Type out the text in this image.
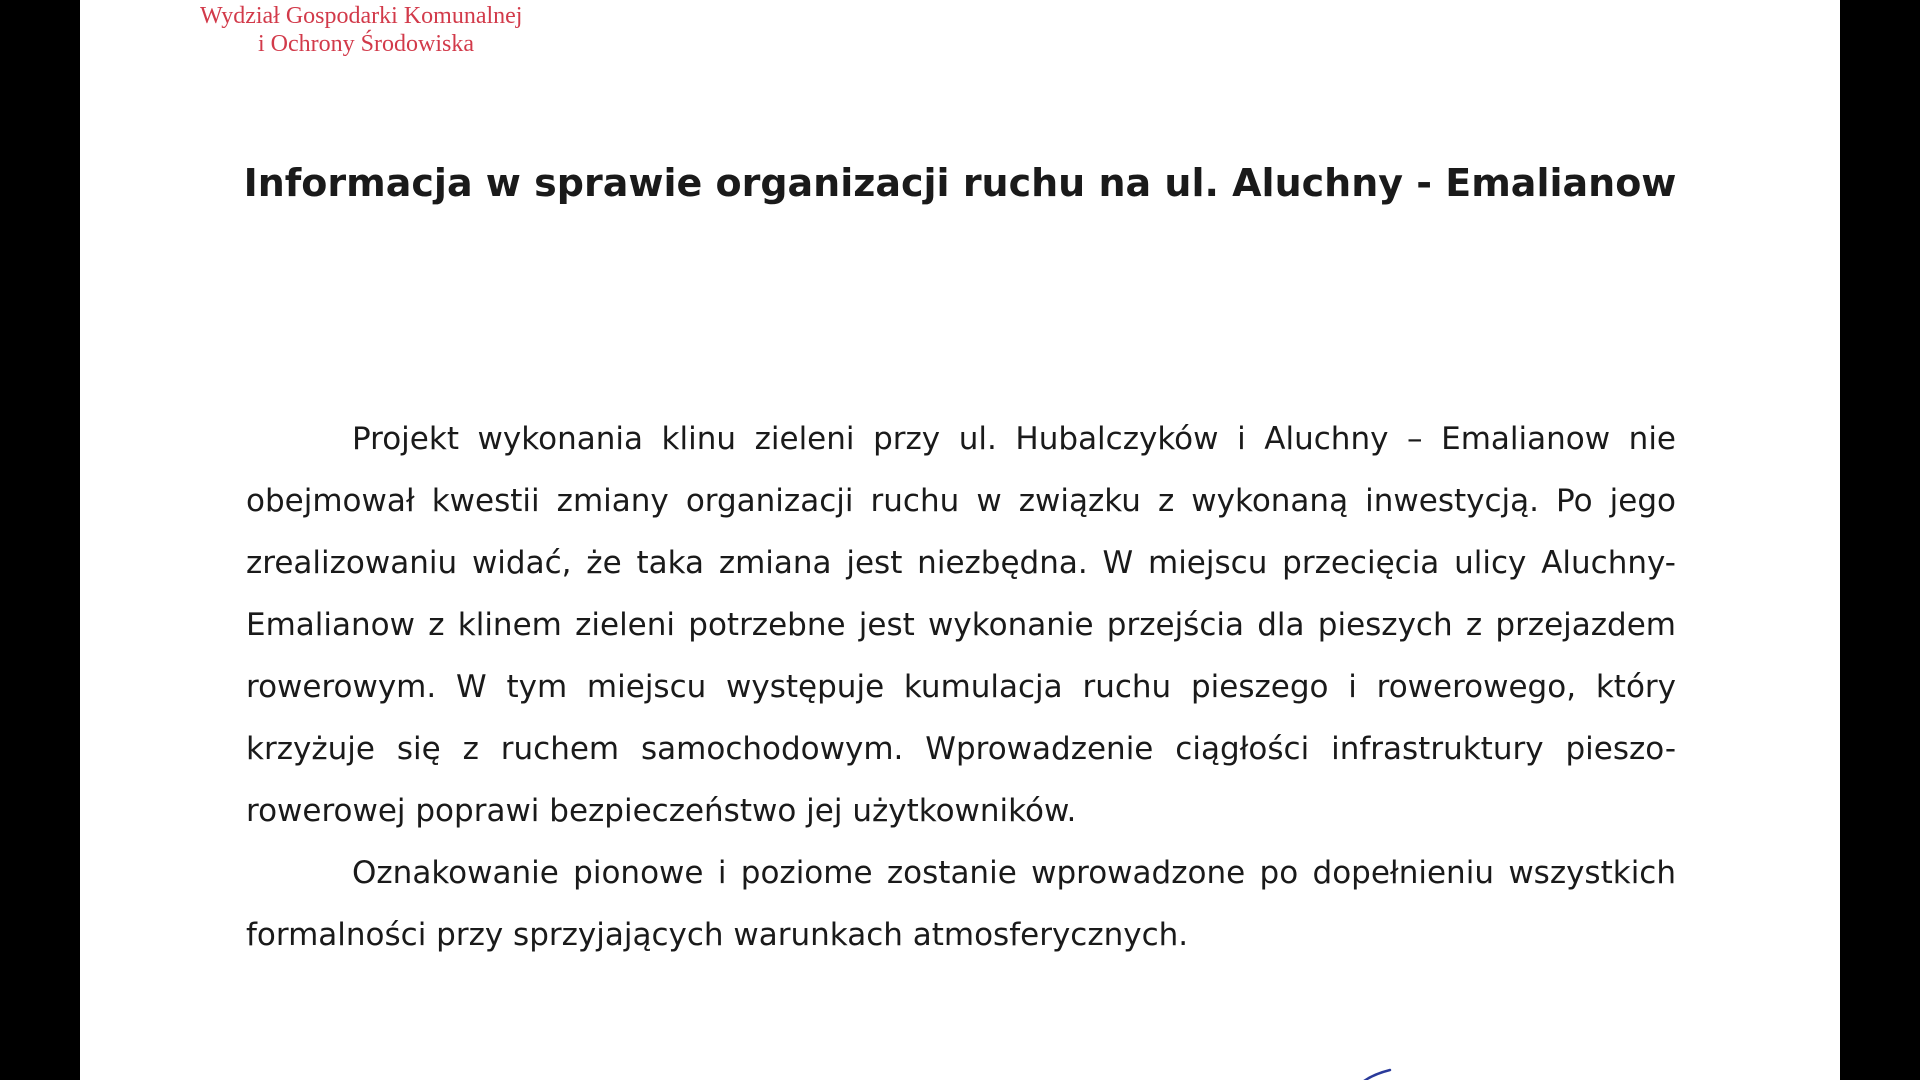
Wydział Gospodarki Komunalnej
i Ochrony Środowiska
Informacja w sprawie organizacji ruchu na ul. Aluchny - Emalianow

Projekt wykonania klinu zieleni przy ul. Hubalczyków i Aluchny – Emalianow nie obejmował kwestii zmiany organizacji ruchu w związku z wykonaną inwestycją. Po jego zrealizowaniu widać, że taka zmiana jest niezbędna. W miejscu przecięcia ulicy Aluchny-Emalianow z klinem zieleni potrzebne jest wykonanie przejścia dla pieszych z przejazdem rowerowym. W tym miejscu występuje kumulacja ruchu pieszego i rowerowego, który krzyżuje się z ruchem samochodowym. Wprowadzenie ciągłości infrastruktury pieszo-rowerowej poprawi bezpieczeństwo jej użytkowników.

Oznakowanie pionowe i poziome zostanie wprowadzone po dopełnieniu wszystkich formalności przy sprzyjających warunkach atmosferycznych.
